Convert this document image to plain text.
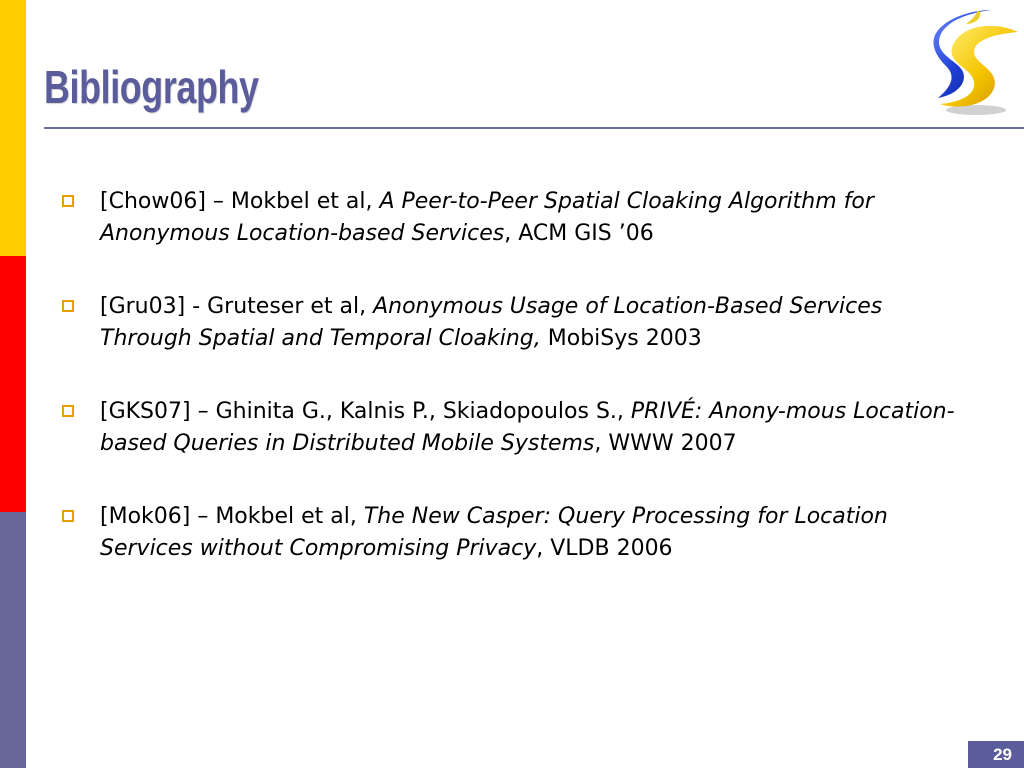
Bibliography
[Chow06] – Mokbel et al, A Peer-to-Peer Spatial Cloaking Algorithm for Anonymous Location-based Services, ACM GIS ’06
[Gru03] - Gruteser et al, Anonymous Usage of Location-Based Services Through Spatial and Temporal Cloaking, MobiSys 2003
[GKS07] – Ghinita G., Kalnis P., Skiadopoulos S., PRIVÉ: Anony-mous Location-based Queries in Distributed Mobile Systems, WWW 2007
[Mok06] – Mokbel et al, The New Casper: Query Processing for Location Services without Compromising Privacy, VLDB 2006
29
